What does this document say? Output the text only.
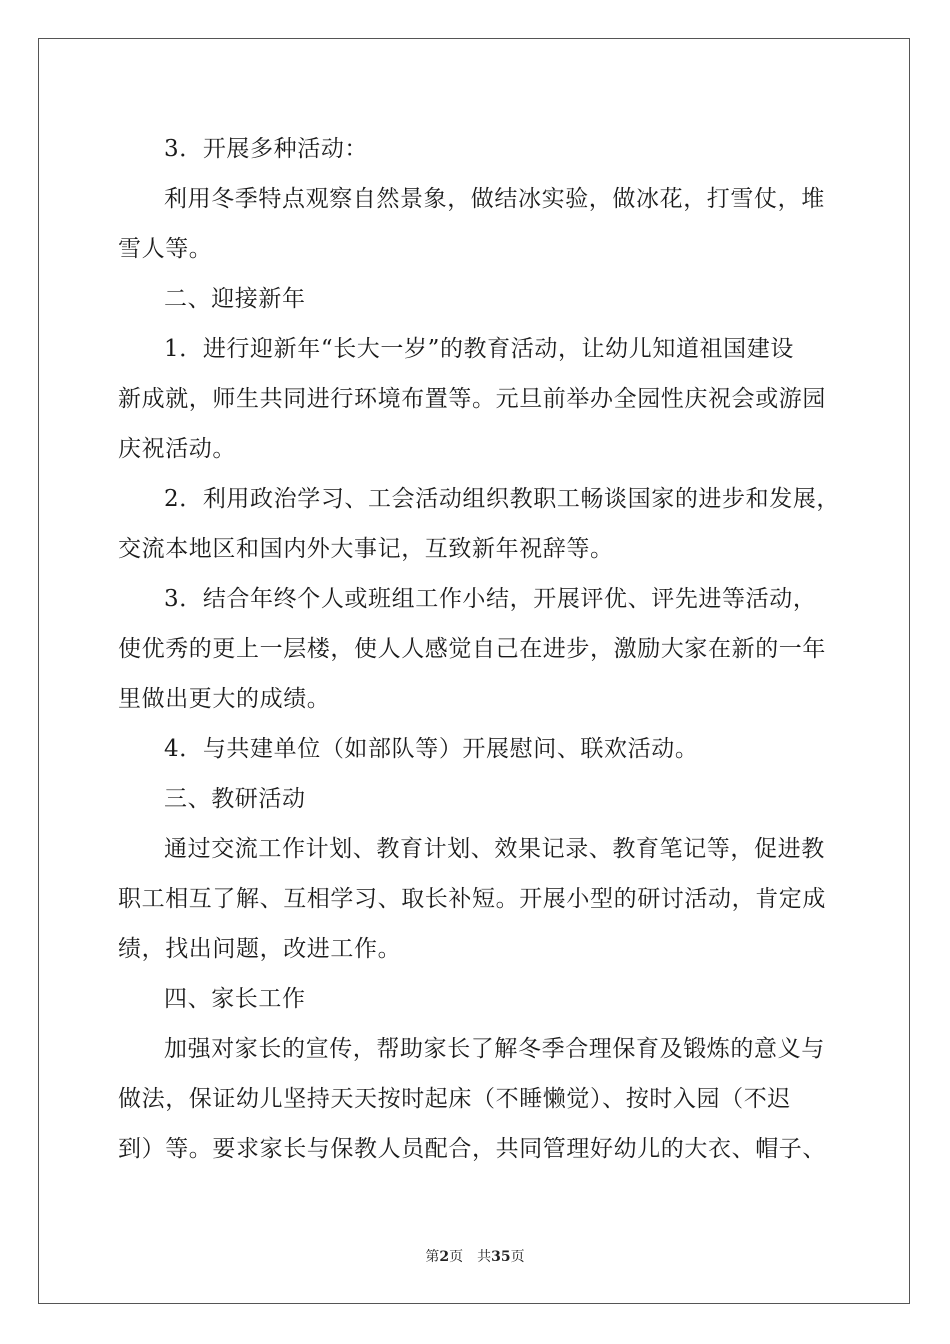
3．开展多种活动：
利用冬季特点观察自然景象，做结冰实验，做冰花，打雪仗，堆
雪人等。
二、迎接新年
1．进行迎新年“长大一岁”的教育活动，让幼儿知道祖国建设
新成就，师生共同进行环境布置等。元旦前举办全园性庆祝会或游园
庆祝活动。
2．利用政治学习、工会活动组织教职工畅谈国家的进步和发展，
交流本地区和国内外大事记，互致新年祝辞等。
3．结合年终个人或班组工作小结，开展评优、评先进等活动，
使优秀的更上一层楼，使人人感觉自己在进步，激励大家在新的一年
里做出更大的成绩。
4．与共建单位（如部队等）开展慰问、联欢活动。
三、教研活动
通过交流工作计划、教育计划、效果记录、教育笔记等，促进教
职工相互了解、互相学习、取长补短。开展小型的研讨活动，肯定成
绩，找出问题，改进工作。
四、家长工作
加强对家长的宣传，帮助家长了解冬季合理保育及锻炼的意义与
做法，保证幼儿坚持天天按时起床（不睡懒觉）、按时入园（不迟
到）等。要求家长与保教人员配合，共同管理好幼儿的大衣、帽子、
第2页 共35页
